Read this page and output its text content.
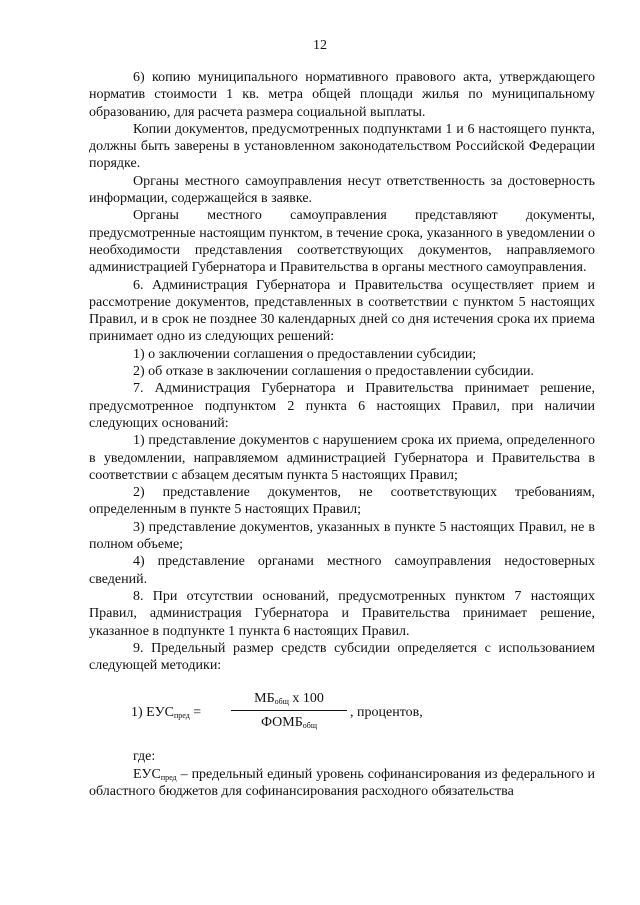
12

6) копию муниципального нормативного правового акта, утверждающего норматив стоимости 1 кв. метра общей площади жилья по муниципальному образованию, для расчета размера социальной выплаты.

Копии документов, предусмотренных подпунктами 1 и 6 настоящего пункта, должны быть заверены в установленном законодательством Российской Федерации порядке.

Органы местного самоуправления несут ответственность за достоверность информации, содержащейся в заявке.

Органы местного самоуправления представляют документы, предусмотренные настоящим пунктом, в течение срока, указанного в уведомлении о необходимости представления соответствующих документов, направляемого администрацией Губернатора и Правительства в органы местного самоуправления.

6. Администрация Губернатора и Правительства осуществляет прием и рассмотрение документов, представленных в соответствии с пунктом 5 настоящих Правил, и в срок не позднее 30 календарных дней со дня истечения срока их приема принимает одно из следующих решений:

1) о заключении соглашения о предоставлении субсидии;

2) об отказе в заключении соглашения о предоставлении субсидии.

7. Администрация Губернатора и Правительства принимает решение, предусмотренное подпунктом 2 пункта 6 настоящих Правил, при наличии следующих оснований:

1) представление документов с нарушением срока их приема, определенного в уведомлении, направляемом администрацией Губернатора и Правительства в соответствии с абзацем десятым пункта 5 настоящих Правил;

2) представление документов, не соответствующих требованиям, определенным в пункте 5 настоящих Правил;

3) представление документов, указанных в пункте 5 настоящих Правил, не в полном объеме;

4) представление органами местного самоуправления недостоверных сведений.

8. При отсутствии оснований, предусмотренных пунктом 7 настоящих Правил, администрация Губернатора и Правительства принимает решение, указанное в подпункте 1 пункта 6 настоящих Правил.

9. Предельный размер средств субсидии определяется с использованием следующей методики:

1) $ЕУС_{пред}$ =
$МБ_{общ}$ х 100
$ФОМБ_{общ}$
, процентов,

где:

$ЕУС_{пред}$ – предельный единый уровень софинансирования из федерального и областного бюджетов для софинансирования расходного обязательства
